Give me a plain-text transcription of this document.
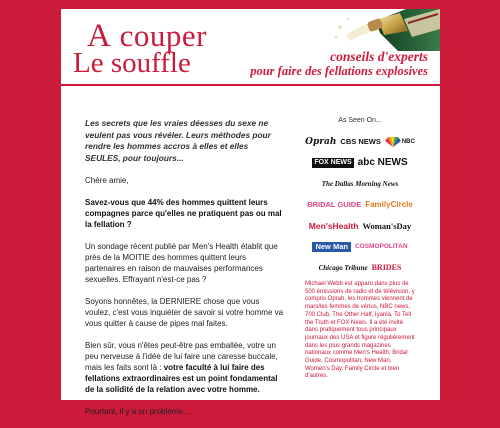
A couper
Le souffle	conseils d'experts
pour faire des fellations explosives

Les secrets que les vraies déesses du sexe ne veulent pas vous révéler. Leurs méthodes pour rendre les hommes accros à elles et elles SEULES, pour toujours...

Chère amie,

Savez-vous que 44% des hommes quittent leurs compagnes parce qu'elles ne pratiquent pas ou mal la fellation ?

Un sondage récent publié par Men's Health établit que près de la MOITIE des hommes quittent leurs partenaires en raison de mauvaises performances sexuelles. Effrayant n'est-ce pas ?

Soyons honnêtes, la DERNIERE chose que vous voulez, c'est vous inquiéter de savoir si votre homme va vous quitter à cause de pipes mal faites.

Bien sûr, vous n'êtes peut-être pas emballée, votre un peu nerveuse à l'idée de lui faire une caresse buccale, mais les faits sont là : votre faculté à lui faire des fellations extraordinaires est un point fondamental de la solidité de la relation avec votre homme.

Pourtant, il y a un problème...

As Seen On...
Oprah CBS NEWS	NBC
FOX NEWS abc NEWS
The Dallas Morning News
BRIDAL GUIDE FamilyCircle
Men'sHealth Woman'sDay
New Man	COSMOPOLITAN
Chicago Tribune BRIDES
Michael Webb est apparu dans plus de 500 émissions de radio et de télévision, y compris Oprah, les hommes viennent de mars/les femmes de vénus, NBC news, 700 Club, The Other Half, Iyanla, To Tell the Truth et FOX News. Il a été invité dans pratiquement tous principaux journaux des USA et figure régulièrement dans les plus grands magazines nationaux comme Men's Health, Bridal Guide, Cosmopolitan, New Man, Women's Day, Family Circle et bien d'autres.
